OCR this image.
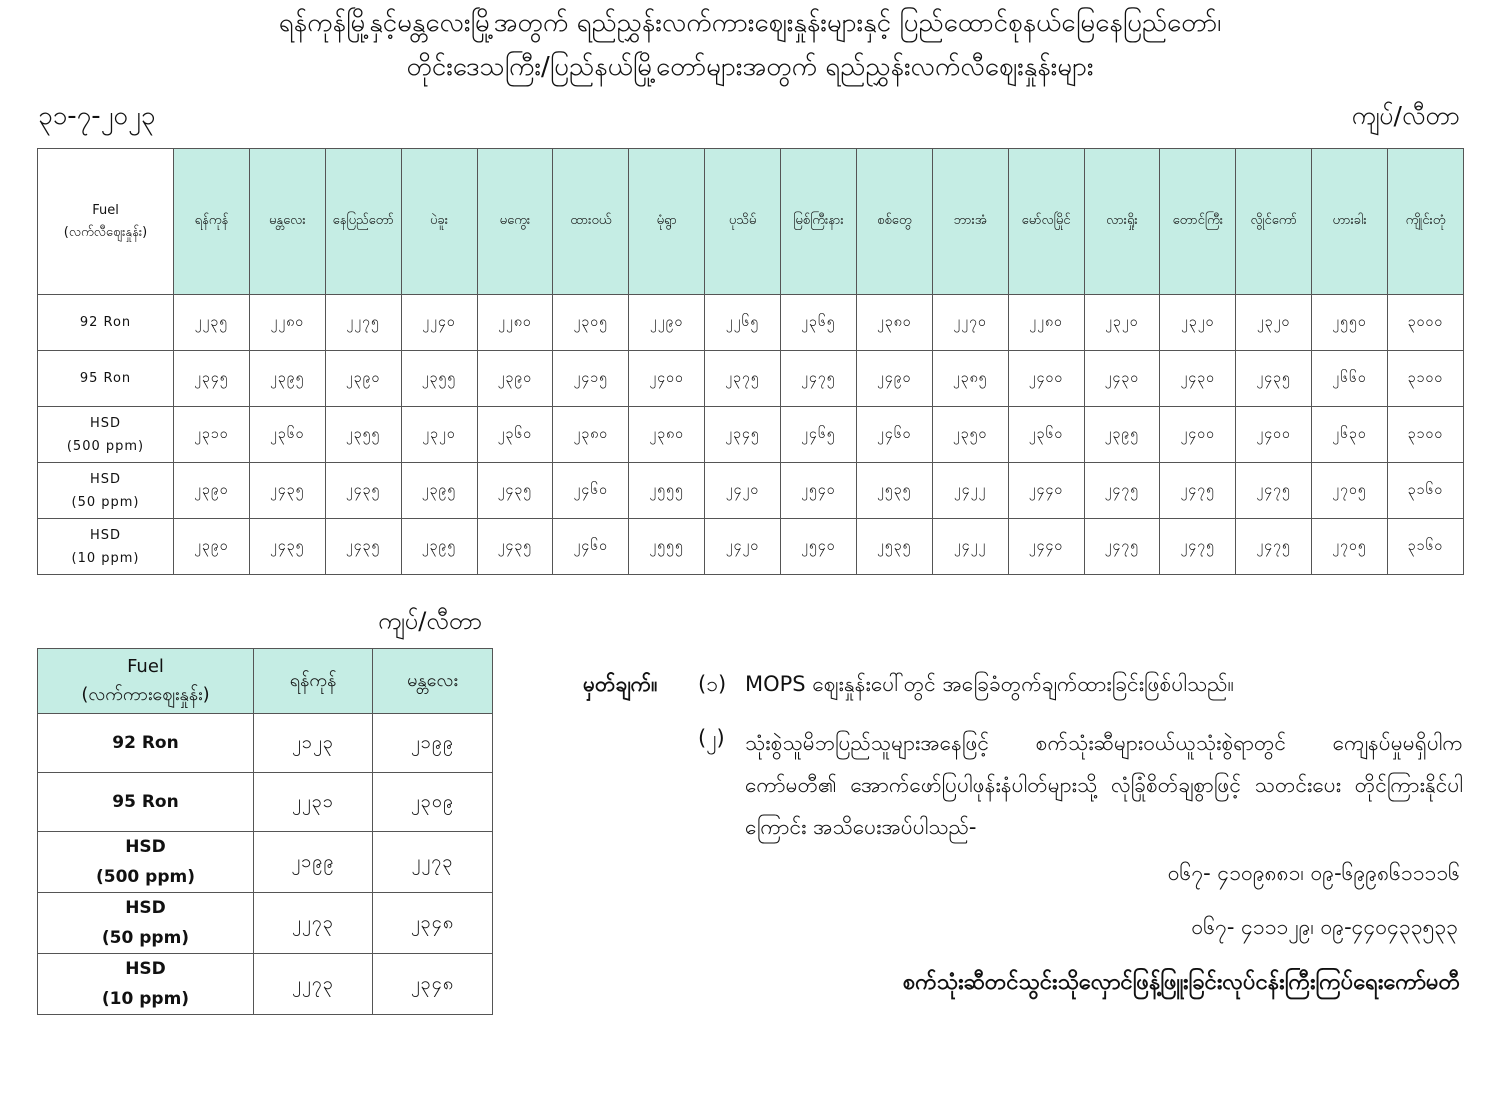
ရန်ကုန်မြို့နှင့်မန္တလေးမြို့အတွက် ရည်ညွှန်းလက်ကားဈေးနှုန်းများနှင့် ပြည်ထောင်စုနယ်မြေနေပြည်တော်၊
တိုင်းဒေသကြီး/ပြည်နယ်မြို့တော်များအတွက် ရည်ညွှန်းလက်လီဈေးနှုန်းများ
၃၁-၇-၂၀၂၃	ကျပ်/လီတာ
Fuel
(လက်လီဈေးနှုန်း)	ရန်ကုန်	မန္တလေး	နေပြည်တော်	ပဲခူး	မကွေး	ထားဝယ်	မုံရွာ	ပုသိမ်	မြစ်ကြီးနား	စစ်တွေ	ဘားအံ	မော်လမြိုင်	လားရှိုး	တောင်ကြီး	လွိုင်ကော်	ဟားခါး	ကျိုင်းတုံ

92 Ron	၂၂၃၅	၂၂၈၀	၂၂၇၅	၂၂၄၀	၂၂၈၀	၂၃၀၅	၂၂၉၀	၂၂၆၅	၂၃၆၅	၂၃၈၀	၂၂၇၀	၂၂၈၀	၂၃၂၀	၂၃၂၀	၂၃၂၀	၂၅၅၀	၃၀၀၀

95 Ron	၂၃၄၅	၂၃၉၅	၂၃၉၀	၂၃၅၅	၂၃၉၀	၂၄၁၅	၂၄၀၀	၂၃၇၅	၂၄၇၅	၂၄၉၀	၂၃၈၅	၂၄၀၀	၂၄၃၀	၂၄၃၀	၂၄၃၅	၂၆၆၀	၃၁၀၀

HSD
(500 ppm)	၂၃၁၀	၂၃၆၀	၂၃၅၅	၂၃၂၀	၂၃၆၀	၂၃၈၀	၂၃၈၀	၂၃၄၅	၂၄၆၅	၂၄၆၀	၂၃၅၀	၂၃၆၀	၂၃၉၅	၂၄၀၀	၂၄၀၀	၂၆၃၀	၃၁၀၀

HSD
(50 ppm)	၂၃၉၀	၂၄၃၅	၂၄၃၅	၂၃၉၅	၂၄၃၅	၂၄၆၀	၂၅၅၅	၂၄၂၀	၂၅၄၀	၂၅၃၅	၂၄၂၂	၂၄၄၀	၂၄၇၅	၂၄၇၅	၂၄၇၅	၂၇၀၅	၃၁၆၀

HSD
(10 ppm)	၂၃၉၀	၂၄၃၅	၂၄၃၅	၂၃၉၅	၂၄၃၅	၂၄၆၀	၂၅၅၅	၂၄၂၀	၂၅၄၀	၂၅၃၅	၂၄၂၂	၂၄၄၀	၂၄၇၅	၂၄၇၅	၂၄၇၅	၂၇၀၅	၃၁၆၀
ကျပ်/လီတာ
Fuel
(လက်ကားဈေးနှုန်း)	ရန်ကုန်	မန္တလေး

92 Ron	၂၁၂၃	၂၁၉၉

95 Ron	၂၂၃၁	၂၃၀၉

HSD
(500 ppm)	၂၁၉၉	၂၂၇၃

HSD
(50 ppm)	၂၂၇၃	၂၃၄၈

HSD
(10 ppm)	၂၂၇၃	၂၃၄၈
မှတ်ချက်။ (၁) MOPS ဈေးနှုန်းပေါ်တွင် အခြေခံတွက်ချက်ထားခြင်းဖြစ်ပါသည်။
(၂) သုံးစွဲသူမိဘပြည်သူများအနေဖြင့် စက်သုံးဆီများဝယ်ယူသုံးစွဲရာတွင် ကျေနပ်မှုမရှိပါက ကော်မတီ၏ အောက်ဖော်ပြပါဖုန်းနံပါတ်များသို့ လုံခြုံစိတ်ချစွာဖြင့် သတင်းပေး တိုင်ကြားနိုင်ပါကြောင်း အသိပေးအပ်ပါသည်-
၀၆၇- ၄၁၀၉၈၈၁၊ ၀၉-၆၉၉၈၆၁၁၁၁၆
၀၆၇- ၄၁၁၁၂၉၊ ၀၉-၄၄၀၄၃၃၅၃၃
စက်သုံးဆီတင်သွင်းသိုလှောင်ဖြန့်ဖြူးခြင်းလုပ်ငန်းကြီးကြပ်ရေးကော်မတီ
